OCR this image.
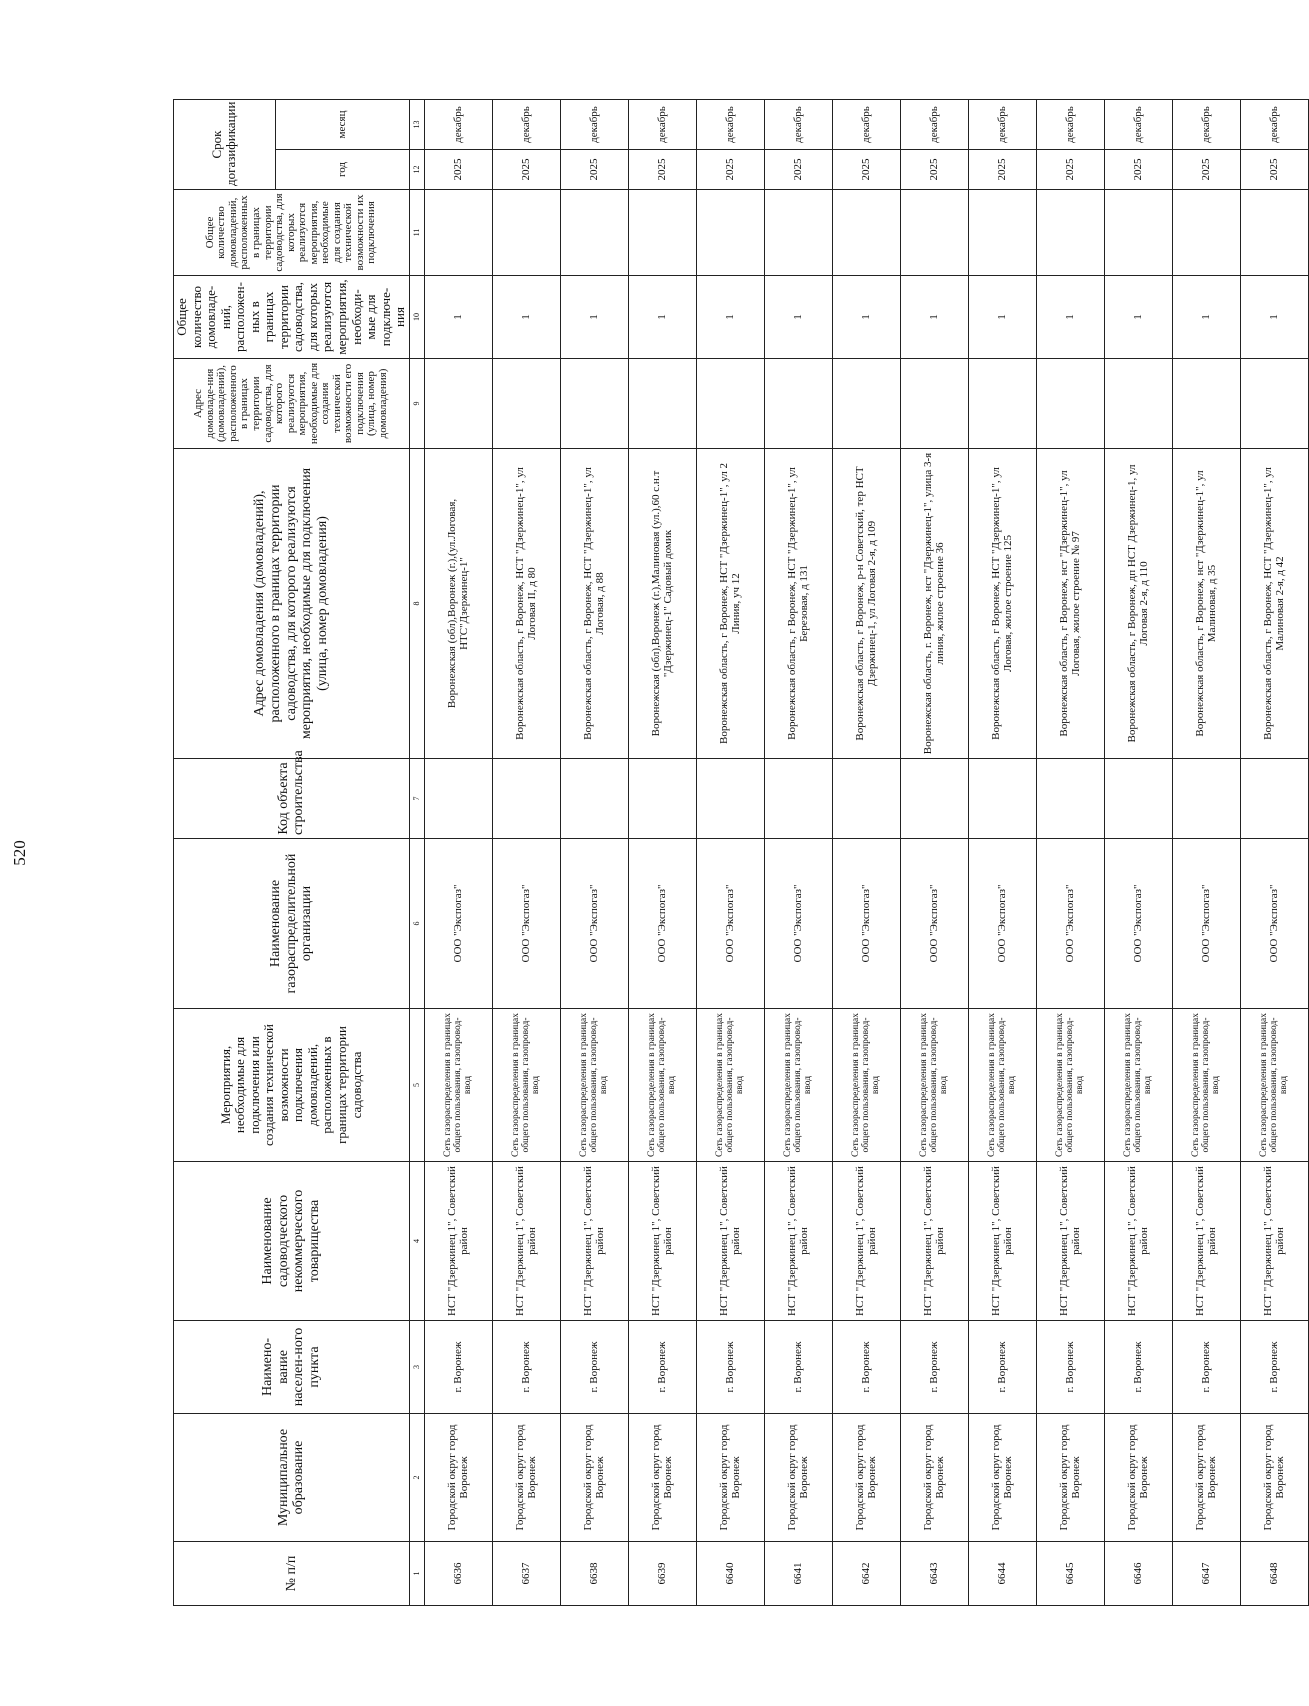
520
№ п/п	Муниципальное образование	Наимено-вание населен-ного пункта	Наименование садоводческого некоммерческого товарищества	Мероприятия, необходимые для подключения или создания технической возможности подключения домовладений, расположенных в границах территории садоводства	Наименование газораспределительной организации	Код объекта строительства	Адрес домовладения (домовладений), расположенного в границах территории садоводства, для которого реализуются мероприятия, необходимые для подключения (улица, номер домовладения)	Адрес домовладе-ния (домовладений), расположенного в границах территории садоводства, для которого реализуются мероприятия, необходимые для создания технической возможности его подключения (улица, номер домовладения)	Общее количество домовладе-ний, расположен-ных в границах территории садоводства, для которых реализуются мероприятия, необходи-мые для подключе-ния	Общее количество домовладений, расположенных в границах территории садоводства, для которых реализуются мероприятия, необходимые для создания технической возможности их подключения	Срок догазификации	
											год	месяц
1	2	3	4	5	6	7	8	9	10	11	12	13
6636	Городской округ город Воронеж	г. Воронеж	НСТ "Дзержинец 1", Советский район	Сеть газораспределения в границах общего пользования, газопровод-ввод	ООО "Экспогаз"		Воронежская (обл),Воронеж (г.),(ул.Логовая, НТС"Дзержинец-1"		1		2025	декабрь
6637	Городской округ город Воронеж	г. Воронеж	НСТ "Дзержинец 1", Советский район	Сеть газораспределения в границах общего пользования, газопровод-ввод	ООО "Экспогаз"		Воронежская область, г Воронеж, НСТ "Дзержинец-1", ул Логовая II, д 80		1		2025	декабрь
6638	Городской округ город Воронеж	г. Воронеж	НСТ "Дзержинец 1", Советский район	Сеть газораспределения в границах общего пользования, газопровод-ввод	ООО "Экспогаз"		Воронежская область, г Воронеж, НСТ "Дзержинец-1", ул Логовая, д 88		1		2025	декабрь
6639	Городской округ город Воронеж	г. Воронеж	НСТ "Дзержинец 1", Советский район	Сеть газораспределения в границах общего пользования, газопровод-ввод	ООО "Экспогаз"		Воронежская (обл),Воронеж (г.),Малиновая (ул.),60 с.н.т "Дзержинец-1" Садовый домик		1		2025	декабрь
6640	Городской округ город Воронеж	г. Воронеж	НСТ "Дзержинец 1", Советский район	Сеть газораспределения в границах общего пользования, газопровод-ввод	ООО "Экспогаз"		Воронежская область, г Воронеж, НСТ "Дзержинец-1", ул 2 Линия, уч 12		1		2025	декабрь
6641	Городской округ город Воронеж	г. Воронеж	НСТ "Дзержинец 1", Советский район	Сеть газораспределения в границах общего пользования, газопровод-ввод	ООО "Экспогаз"		Воронежская область, г Воронеж, НСТ "Дзержинец-1", ул Березовая, д 131		1		2025	декабрь
6642	Городской округ город Воронеж	г. Воронеж	НСТ "Дзержинец 1", Советский район	Сеть газораспределения в границах общего пользования, газопровод-ввод	ООО "Экспогаз"		Воронежская область, г Воронеж, р-н Советский, тер НСТ Дзержинец-1, ул Логовая 2-я, д 109		1		2025	декабрь
6643	Городской округ город Воронеж	г. Воронеж	НСТ "Дзержинец 1", Советский район	Сеть газораспределения в границах общего пользования, газопровод-ввод	ООО "Экспогаз"		Воронежская область, г. Воронеж, нст "Дзержинец-1", улица 3-я линия, жилое строение 36		1		2025	декабрь
6644	Городской округ город Воронеж	г. Воронеж	НСТ "Дзержинец 1", Советский район	Сеть газораспределения в границах общего пользования, газопровод-ввод	ООО "Экспогаз"		Воронежская область, г Воронеж, НСТ "Дзержинец-1", ул Логовая, жилое строение 125		1		2025	декабрь
6645	Городской округ город Воронеж	г. Воронеж	НСТ "Дзержинец 1", Советский район	Сеть газораспределения в границах общего пользования, газопровод-ввод	ООО "Экспогаз"		Воронежская область, г Воронеж, нст "Дзержинец-1", ул Логовая, жилое строение № 97		1		2025	декабрь
6646	Городской округ город Воронеж	г. Воронеж	НСТ "Дзержинец 1", Советский район	Сеть газораспределения в границах общего пользования, газопровод-ввод	ООО "Экспогаз"		Воронежская область, г Воронеж, дп НСТ Дзержинец-1, ул Логовая 2-я, д 110		1		2025	декабрь
6647	Городской округ город Воронеж	г. Воронеж	НСТ "Дзержинец 1", Советский район	Сеть газораспределения в границах общего пользования, газопровод-ввод	ООО "Экспогаз"		Воронежская область, г Воронеж, нст "Дзержинец-1", ул Малиновая, д 35		1		2025	декабрь
6648	Городской округ город Воронеж	г. Воронеж	НСТ "Дзержинец 1", Советский район	Сеть газораспределения в границах общего пользования, газопровод-ввод	ООО "Экспогаз"		Воронежская область, г Воронеж, НСТ "Дзержинец-1", ул Малиновая 2-я, д 42		1		2025	декабрь
